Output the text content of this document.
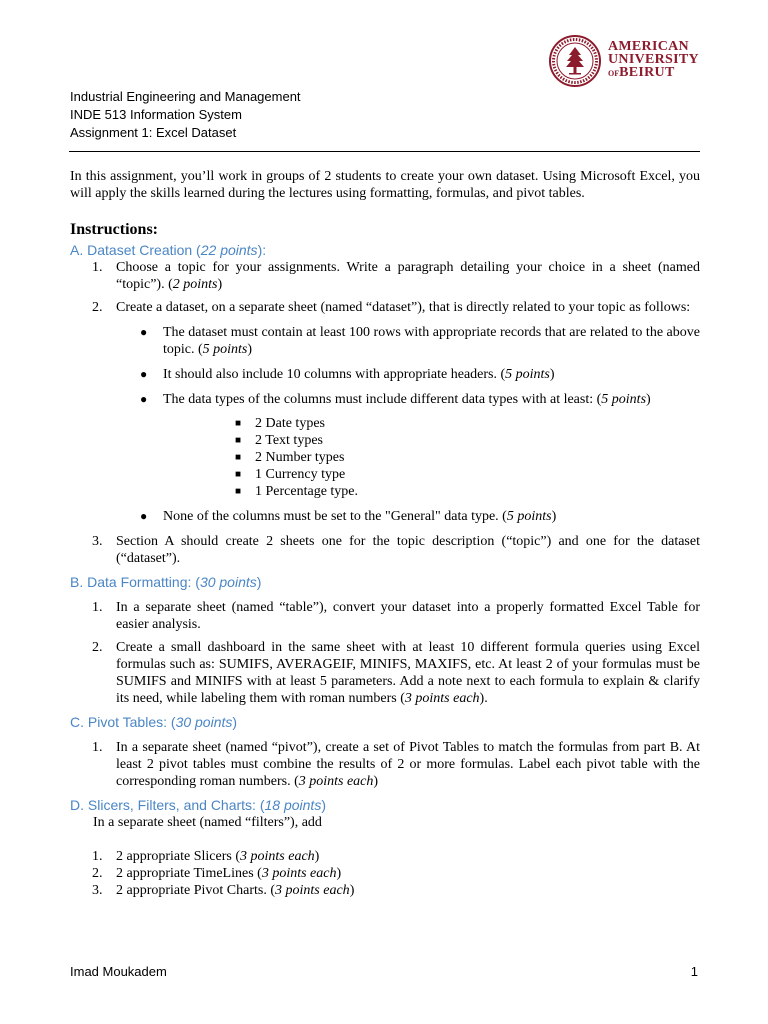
AMERICAN
UNIVERSITY
OFBEIRUT
Industrial Engineering and Management
INDE 513 Information System
Assignment 1: Excel Dataset

In this assignment, you’ll work in groups of 2 students to create your own dataset. Using Microsoft Excel, you will apply the skills learned during the lectures using formatting, formulas, and pivot tables.

Instructions:
A. Dataset Creation (22 points):
1. Choose a topic for your assignments. Write a paragraph detailing your choice in a sheet (named “topic”). (2 points)
2. Create a dataset, on a separate sheet (named “dataset”), that is directly related to your topic as follows:
● The dataset must contain at least 100 rows with appropriate records that are related to the above topic. (5 points)
● It should also include 10 columns with appropriate headers. (5 points)
● The data types of the columns must include different data types with at least: (5 points)
■ 2 Date types
■ 2 Text types
■ 2 Number types
■ 1 Currency type
■ 1 Percentage type.
● None of the columns must be set to the "General" data type. (5 points)
3. Section A should create 2 sheets one for the topic description (“topic”) and one for the dataset (“dataset”).
B. Data Formatting: (30 points)
1. In a separate sheet (named “table”), convert your dataset into a properly formatted Excel Table for easier analysis.
2. Create a small dashboard in the same sheet with at least 10 different formula queries using Excel formulas such as: SUMIFS, AVERAGEIF, MINIFS, MAXIFS, etc. At least 2 of your formulas must be SUMIFS and MINIFS with at least 5 parameters. Add a note next to each formula to explain & clarify its need, while labeling them with roman numbers (3 points each).
C. Pivot Tables: (30 points)
1. In a separate sheet (named “pivot”), create a set of Pivot Tables to match the formulas from part B. At least 2 pivot tables must combine the results of 2 or more formulas. Label each pivot table with the corresponding roman numbers. (3 points each)
D. Slicers, Filters, and Charts: (18 points)

In a separate sheet (named “filters”), add

1. 2 appropriate Slicers (3 points each)
2. 2 appropriate TimeLines (3 points each)
3. 2 appropriate Pivot Charts. (3 points each)
Imad Moukadem	1
